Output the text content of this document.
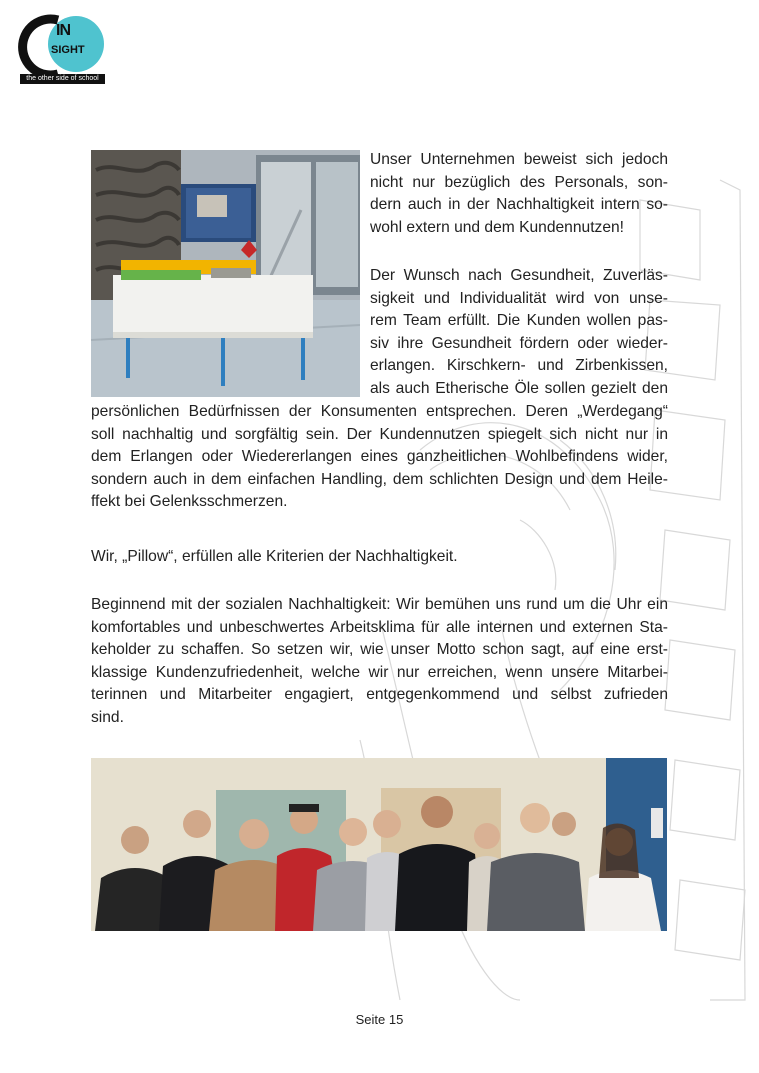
IN
SIGHT
the other side of school
Unser Unternehmen beweist sich jedoch
nicht nur bezüglich des Personals, son-
dern auch in der Nachhaltigkeit intern so-
wohl extern und dem Kundennutzen!
Der Wunsch nach Gesundheit, Zuverläs-
sigkeit und Individualität wird von unse-
rem Team erfüllt. Die Kunden wollen pas-
siv ihre Gesundheit fördern oder wieder-
erlangen. Kirschkern- und Zirbenkissen,
als auch Etherische Öle sollen gezielt den
persönlichen Bedürfnissen der Konsumenten entsprechen. Deren „Werdegang“
soll nachhaltig und sorgfältig sein. Der Kundennutzen spiegelt sich nicht nur in
dem Erlangen oder Wiedererlangen eines ganzheitlichen Wohlbefindens wider,
sondern auch in dem einfachen Handling, dem schlichten Design und dem Heile-
ffekt bei Gelenksschmerzen.
Wir, „Pillow“, erfüllen alle Kriterien der Nachhaltigkeit.
Beginnend mit der sozialen Nachhaltigkeit: Wir bemühen uns rund um die Uhr ein
komfortables und unbeschwertes Arbeitsklima für alle internen und externen Sta-
keholder zu schaffen. So setzen wir, wie unser Motto schon sagt, auf eine erst-
klassige Kundenzufriedenheit, welche wir nur erreichen, wenn unsere Mitarbei-
terinnen und Mitarbeiter engagiert, entgegenkommend und selbst zufrieden
sind.
Seite 15
